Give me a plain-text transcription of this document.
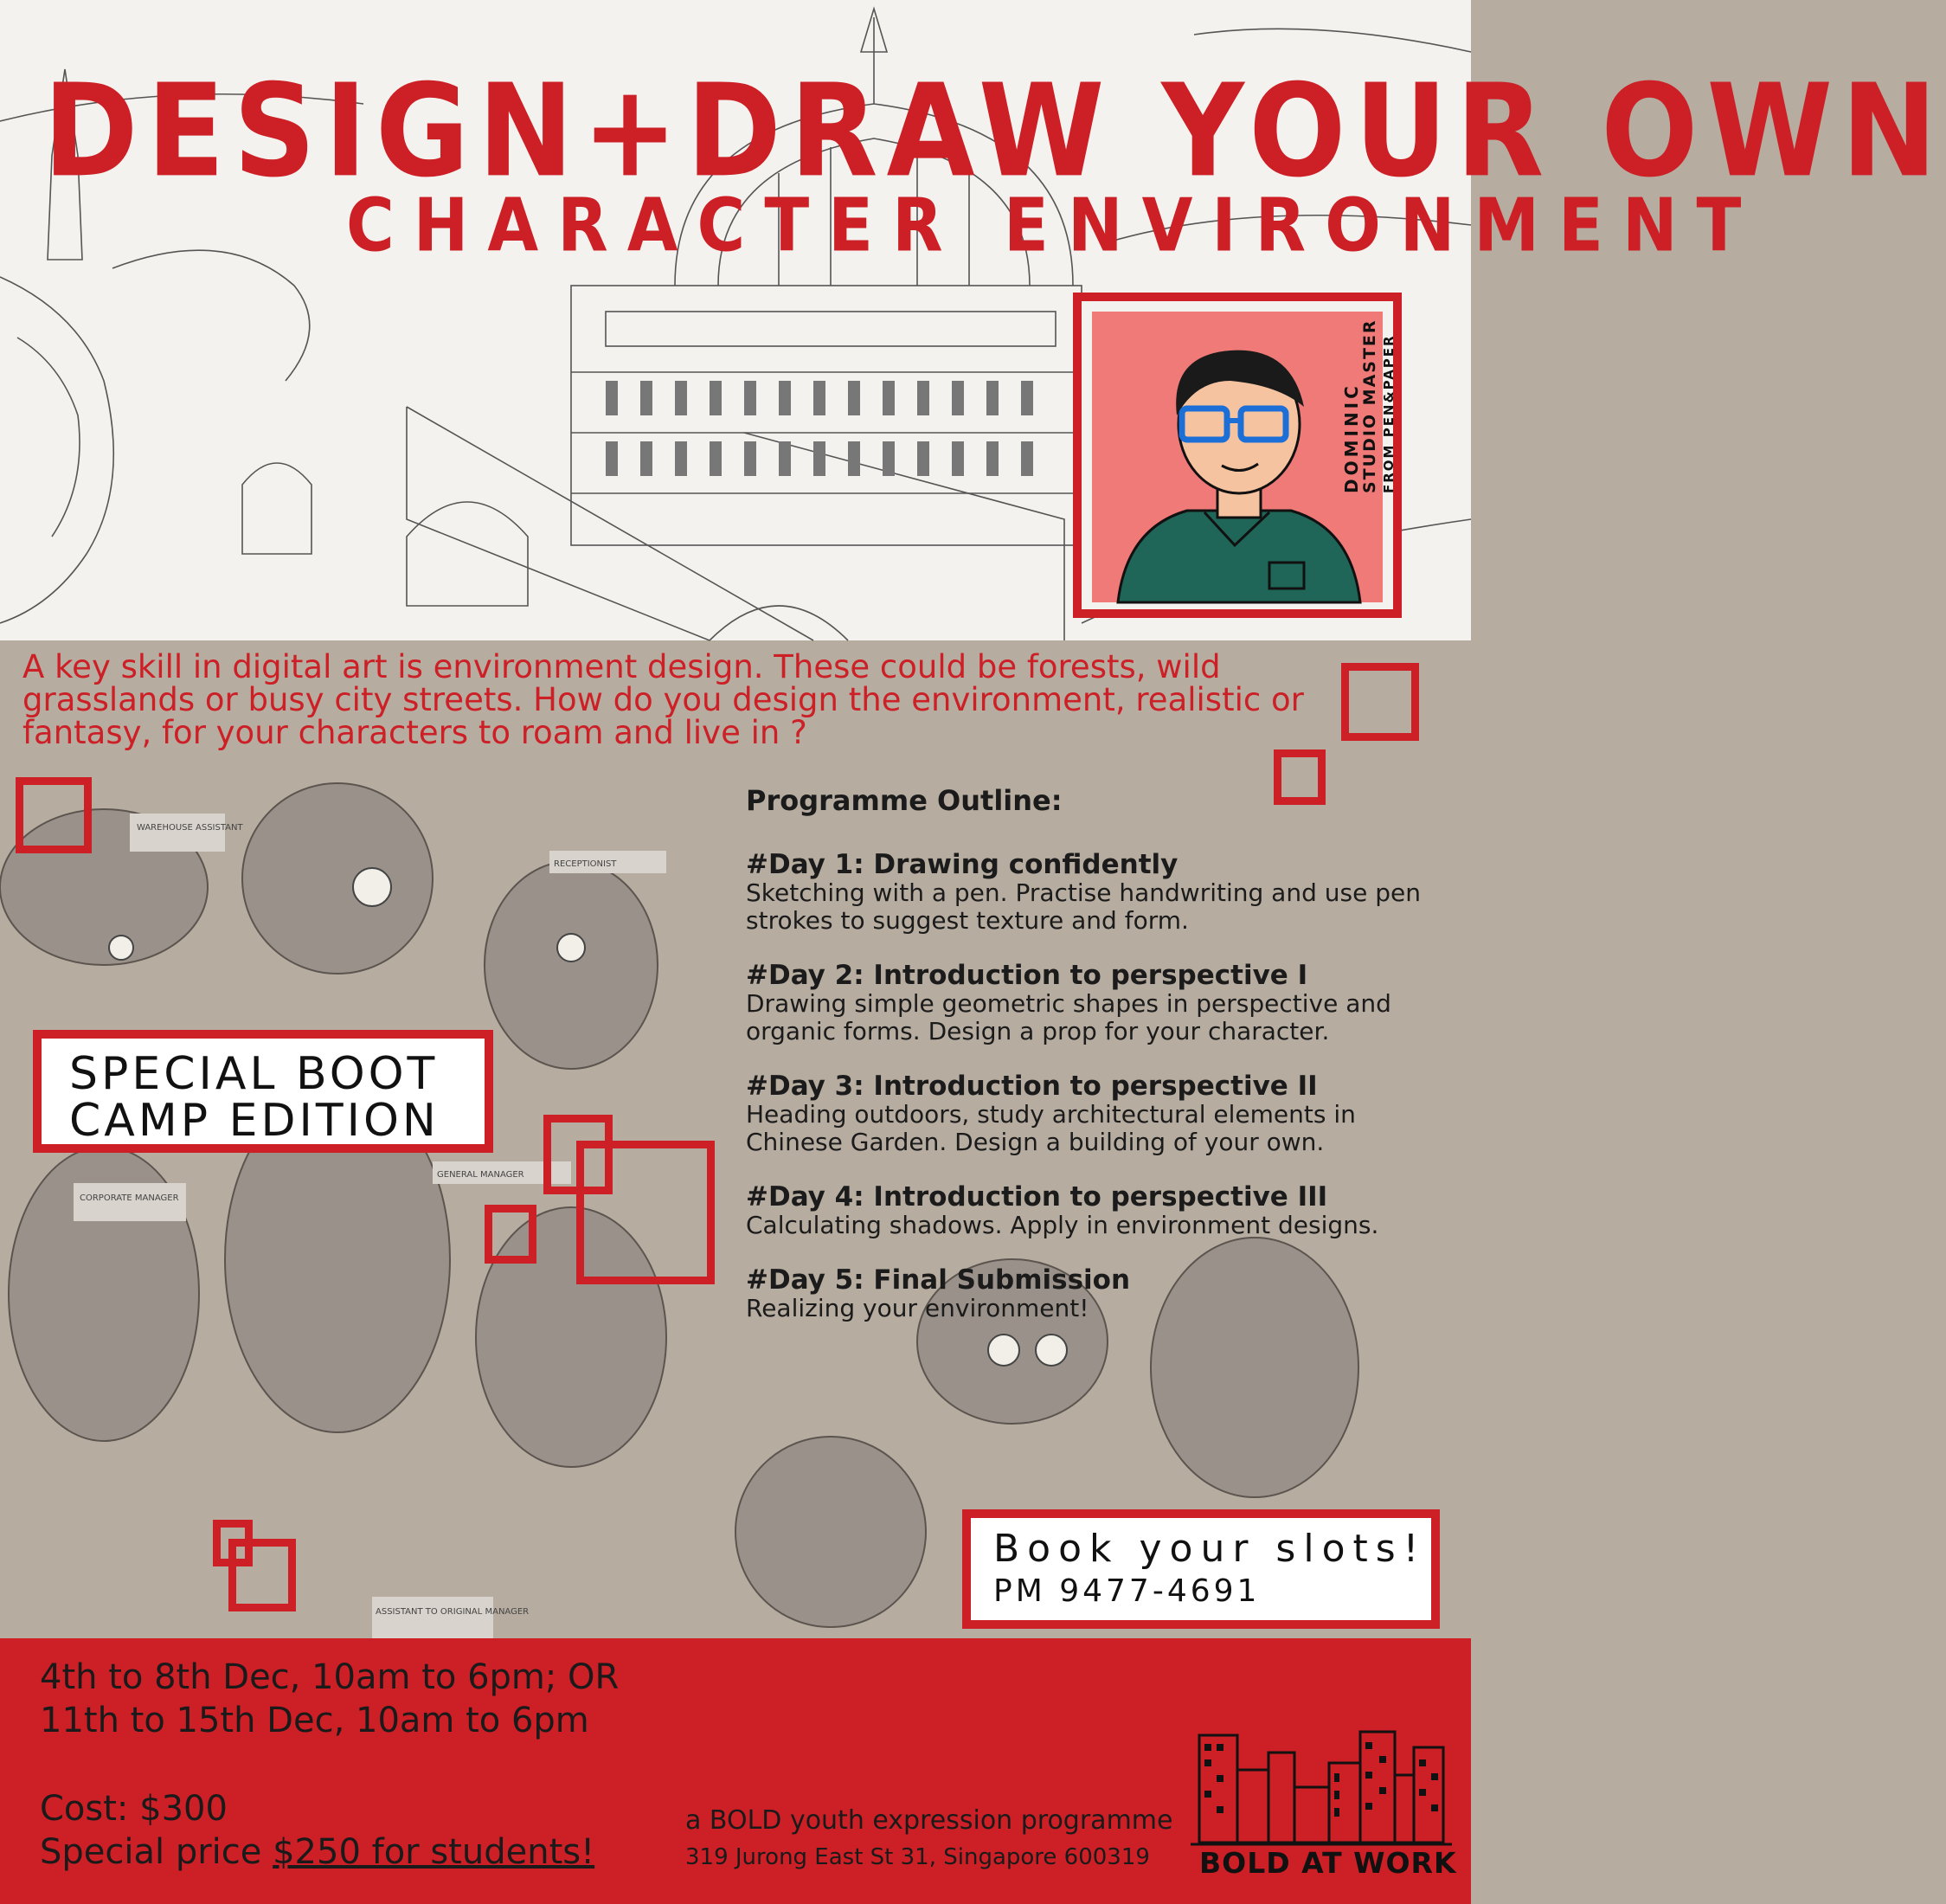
DESIGN+DRAW YOUR OWN
CHARACTER ENVIRONMENT
DOMINIC
STUDIO MASTER FROM PEN&PAPER
A key skill in digital art is environment design. These could be forests, wild grasslands or busy city streets. How do you design the environment, realistic or fantasy, for your characters to roam and live in ?
WAREHOUSE ASSISTANT
RECEPTIONIST
CORPORATE MANAGER
GENERAL MANAGER
ASSISTANT TO ORIGINAL MANAGER
SPECIAL BOOT
CAMP EDITION
Programme Outline:
#Day 1: Drawing confidently
Sketching with a pen. Practise handwriting and use pen strokes to suggest texture and form.
#Day 2: Introduction to perspective I
Drawing simple geometric shapes in perspective and organic forms. Design a prop for your character.
#Day 3: Introduction to perspective II
Heading outdoors, study architectural elements in Chinese Garden. Design a building of your own.
#Day 4: Introduction to perspective III
Calculating shadows. Apply in environment designs.
#Day 5: Final Submission
Realizing your environment!
Book your slots!
PM 9477-4691
4th to 8th Dec, 10am to 6pm; OR
11th to 15th Dec, 10am to 6pm
Cost: $300
Special price $250 for students!
a BOLD youth expression programme
319 Jurong East St 31, Singapore 600319	BOLD AT WORK
